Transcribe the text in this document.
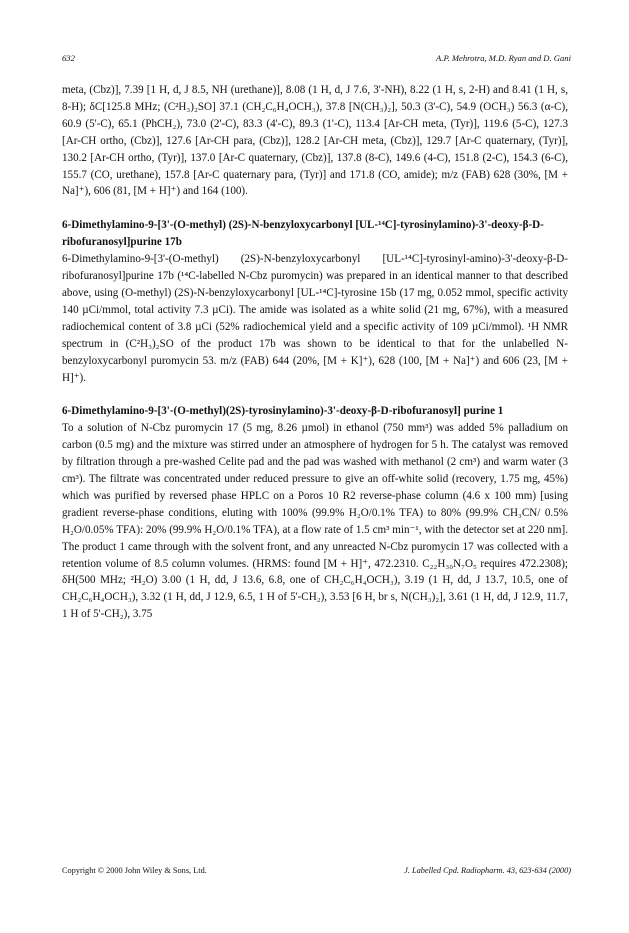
632	A.P. Mehrotra, M.D. Ryan and D. Gani

meta, (Cbz)], 7.39 [1 H, d, J 8.5, NH (urethane)], 8.08 (1 H, d, J 7.6, 3'-NH), 8.22 (1 H, s, 2-H) and 8.41 (1 H, s, 8-H); δC[125.8 MHz; (C²H₃)₂SO] 37.1 (CH₂C₆H₄OCH₃), 37.8 [N(CH₃)₂], 50.3 (3'-C), 54.9 (OCH₃) 56.3 (α-C), 60.9 (5'-C), 65.1 (PhCH₂), 73.0 (2'-C), 83.3 (4'-C), 89.3 (1'-C), 113.4 [Ar-CH meta, (Tyr)], 119.6 (5-C), 127.3 [Ar-CH ortho, (Cbz)], 127.6 [Ar-CH para, (Cbz)], 128.2 [Ar-CH meta, (Cbz)], 129.7 [Ar-C quaternary, (Tyr)], 130.2 [Ar-CH ortho, (Tyr)], 137.0 [Ar-C quaternary, (Cbz)], 137.8 (8-C), 149.6 (4-C), 151.8 (2-C), 154.3 (6-C), 155.7 (CO, urethane), 157.8 [Ar-C quaternary para, (Tyr)] and 171.8 (CO, amide); m/z (FAB) 628 (30%, [M + Na]⁺), 606 (81, [M + H]⁺) and 164 (100).

6-Dimethylamino-9-[3'-(O-methyl) (2S)-N-benzyloxycarbonyl [UL-¹⁴C]-tyrosinylamino)-3'-deoxy-β-D-ribofuranosyl]purine 17b

6-Dimethylamino-9-[3'-(O-methyl) (2S)-N-benzyloxycarbonyl [UL-¹⁴C]-tyrosinyl-amino)-3'-deoxy-β-D-ribofuranosyl]purine 17b (¹⁴C-labelled N-Cbz puromycin) was prepared in an identical manner to that described above, using (O-methyl) (2S)-N-benzyloxycarbonyl [UL-¹⁴C]-tyrosine 15b (17 mg, 0.052 mmol, specific activity 140 µCi/mmol, total activity 7.3 µCi). The amide was isolated as a white solid (21 mg, 67%), with a measured radiochemical content of 3.8 µCi (52% radiochemical yield and a specific activity of 109 µCi/mmol). ¹H NMR spectrum in (C²H₃)₂SO of the product 17b was shown to be identical to that for the unlabelled N-benzyloxycarbonyl puromycin 53. m/z (FAB) 644 (20%, [M + K]⁺), 628 (100, [M + Na]⁺) and 606 (23, [M + H]⁺).

6-Dimethylamino-9-[3'-(O-methyl)(2S)-tyrosinylamino)-3'-deoxy-β-D-ribofuranosyl] purine 1

To a solution of N-Cbz puromycin 17 (5 mg, 8.26 µmol) in ethanol (750 mm³) was added 5% palladium on carbon (0.5 mg) and the mixture was stirred under an atmosphere of hydrogen for 5 h. The catalyst was removed by filtration through a pre-washed Celite pad and the pad was washed with methanol (2 cm³) and warm water (3 cm³). The filtrate was concentrated under reduced pressure to give an off-white solid (recovery, 1.75 mg, 45%) which was purified by reversed phase HPLC on a Poros 10 R2 reverse-phase column (4.6 x 100 mm) [using gradient reverse-phase conditions, eluting with 100% (99.9% H₂O/0.1% TFA) to 80% (99.9% CH₃CN/ 0.5% H₂O/0.05% TFA): 20% (99.9% H₂O/0.1% TFA), at a flow rate of 1.5 cm³ min⁻¹, with the detector set at 220 nm]. The product 1 came through with the solvent front, and any unreacted N-Cbz puromycin 17 was collected with a retention volume of 8.5 column volumes. (HRMS: found [M + H]⁺, 472.2310. C₂₂H₃₀N₇O₅ requires 472.2308); δH(500 MHz; ²H₂O) 3.00 (1 H, dd, J 13.6, 6.8, one of CH₂C₆H₄OCH₃), 3.19 (1 H, dd, J 13.7, 10.5, one of CH₂C₆H₄OCH₃), 3.32 (1 H, dd, J 12.9, 6.5, 1 H of 5'-CH₂), 3.53 [6 H, br s, N(CH₃)₂], 3.61 (1 H, dd, J 12.9, 11.7, 1 H of 5'-CH₂), 3.75

Copyright © 2000 John Wiley & Sons, Ltd.	J. Labelled Cpd. Radiopharm. 43, 623-634 (2000)
